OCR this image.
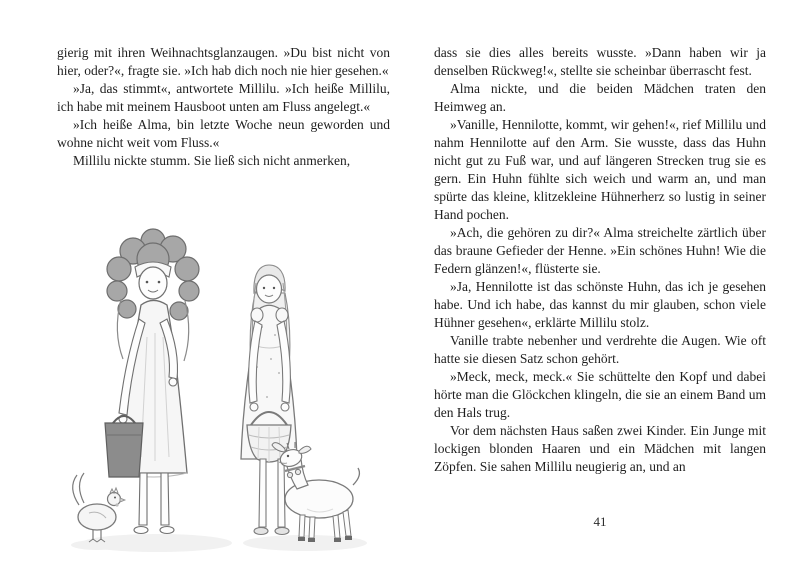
gierig mit ihren Weihnachtsglanzaugen. »Du bist nicht von hier, oder?«, fragte sie. »Ich hab dich noch nie hier gesehen.«

»Ja, das stimmt«, antwortete Millilu. »Ich heiße Millilu, ich habe mit meinem Hausboot unten am Fluss angelegt.«

»Ich heiße Alma, bin letzte Woche neun geworden und wohne nicht weit vom Fluss.«

Millilu nickte stumm. Sie ließ sich nicht anmerken,

dass sie dies alles bereits wusste. »Dann haben wir ja denselben Rückweg!«, stellte sie scheinbar überrascht fest.

Alma nickte, und die beiden Mädchen traten den Heimweg an.

»Vanille, Hennilotte, kommt, wir gehen!«, rief Millilu und nahm Hennilotte auf den Arm. Sie wusste, dass das Huhn nicht gut zu Fuß war, und auf längeren Strecken trug sie es gern. Ein Huhn fühlte sich weich und warm an, und man spürte das kleine, klitzekleine Hühnerherz so lustig in seiner Hand pochen.

»Ach, die gehören zu dir?« Alma streichelte zärtlich über das braune Gefieder der Henne. »Ein schönes Huhn! Wie die Federn glänzen!«, flüsterte sie.

»Ja, Hennilotte ist das schönste Huhn, das ich je gesehen habe. Und ich habe, das kannst du mir glauben, schon viele Hühner gesehen«, erklärte Millilu stolz.

Vanille trabte nebenher und verdrehte die Augen. Wie oft hatte sie diesen Satz schon gehört.

»Meck, meck, meck.« Sie schüttelte den Kopf und dabei hörte man die Glöckchen klingeln, die sie an einem Band um den Hals trug.

Vor dem nächsten Haus saßen zwei Kinder. Ein Junge mit lockigen blonden Haaren und ein Mädchen mit langen Zöpfen. Sie sahen Millilu neugierig an, und an

41
